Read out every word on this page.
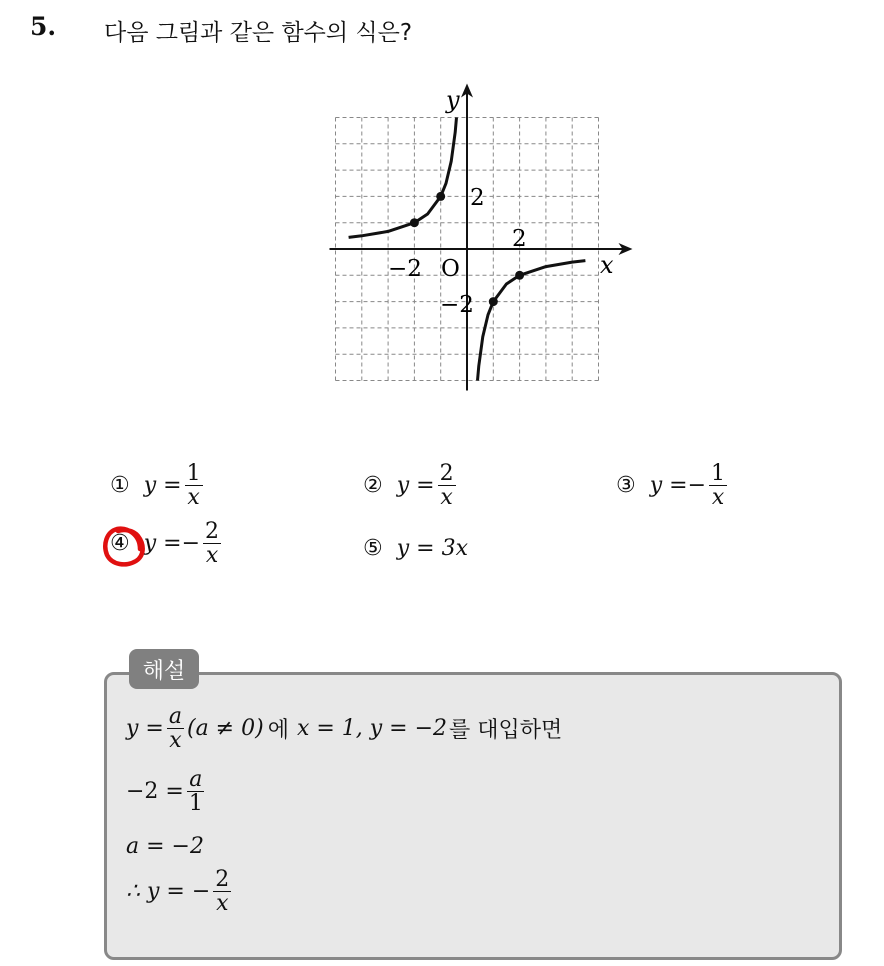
5. 다음 그림과 같은 함수의 식은?
y
x
O
2
2
−2
−2
① $y = \frac{1}{x}$	② $y = \frac{2}{x}$	③ y = − $\frac{1}{x}$
④ y = − $\frac{2}{x}$	⑤ y = 3x
해설
$y = \frac{a}{x} (a \ne 0)$ 에 x = 1, y = −2 를 대입하면
$-2 = \frac{a}{1}$
a = −2
∴ y = − $\frac{2}{x}$
